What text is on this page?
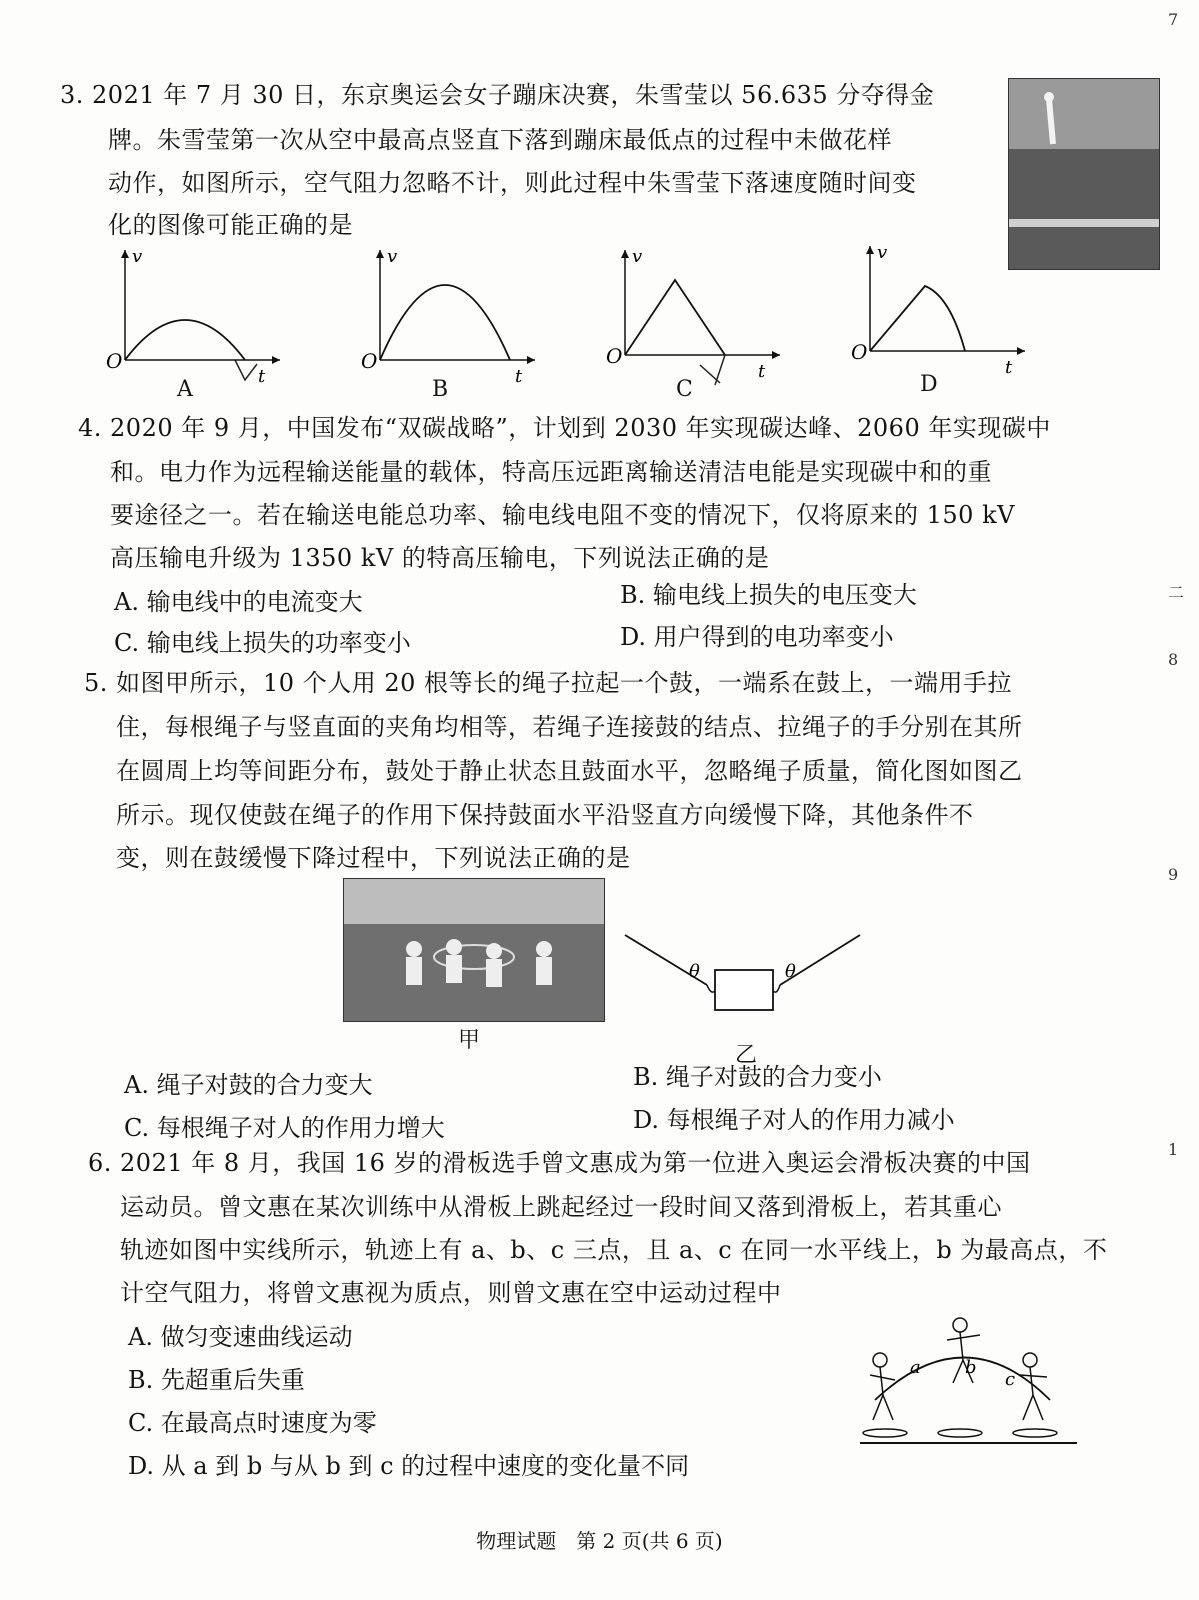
3. 2021 年 7 月 30 日，东京奥运会女子蹦床决赛，朱雪莹以 56.635 分夺得金
牌。朱雪莹第一次从空中最高点竖直下落到蹦床最低点的过程中未做花样
动作，如图所示，空气阻力忽略不计，则此过程中朱雪莹下落速度随时间变
化的图像可能正确的是
v
t
O
A
v
t
O
B
v
t
O
C
v
t
O
D
4. 2020 年 9 月，中国发布“双碳战略”，计划到 2030 年实现碳达峰、2060 年实现碳中
和。电力作为远程输送能量的载体，特高压远距离输送清洁电能是实现碳中和的重
要途径之一。若在输送电能总功率、输电线电阻不变的情况下，仅将原来的 150 kV
高压输电升级为 1350 kV 的特高压输电，下列说法正确的是
A. 输电线中的电流变大	B. 输电线上损失的电压变大
C. 输电线上损失的功率变小	D. 用户得到的电功率变小
5. 如图甲所示，10 个人用 20 根等长的绳子拉起一个鼓，一端系在鼓上，一端用手拉
住，每根绳子与竖直面的夹角均相等，若绳子连接鼓的结点、拉绳子的手分别在其所
在圆周上均等间距分布，鼓处于静止状态且鼓面水平，忽略绳子质量，简化图如图乙
所示。现仅使鼓在绳子的作用下保持鼓面水平沿竖直方向缓慢下降，其他条件不
变，则在鼓缓慢下降过程中，下列说法正确的是
甲
θ	θ
乙
A. 绳子对鼓的合力变大	B. 绳子对鼓的合力变小
C. 每根绳子对人的作用力增大	D. 每根绳子对人的作用力减小
6. 2021 年 8 月，我国 16 岁的滑板选手曾文惠成为第一位进入奥运会滑板决赛的中国
运动员。曾文惠在某次训练中从滑板上跳起经过一段时间又落到滑板上，若其重心
轨迹如图中实线所示，轨迹上有 a、b、c 三点，且 a、c 在同一水平线上，b 为最高点，不
计空气阻力，将曾文惠视为质点，则曾文惠在空中运动过程中
A. 做匀变速曲线运动
B. 先超重后失重
C. 在最高点时速度为零
D. 从 a 到 b 与从 b 到 c 的过程中速度的变化量不同
a b
c
7
二
8
9
1
物理试题　第 2 页(共 6 页)
